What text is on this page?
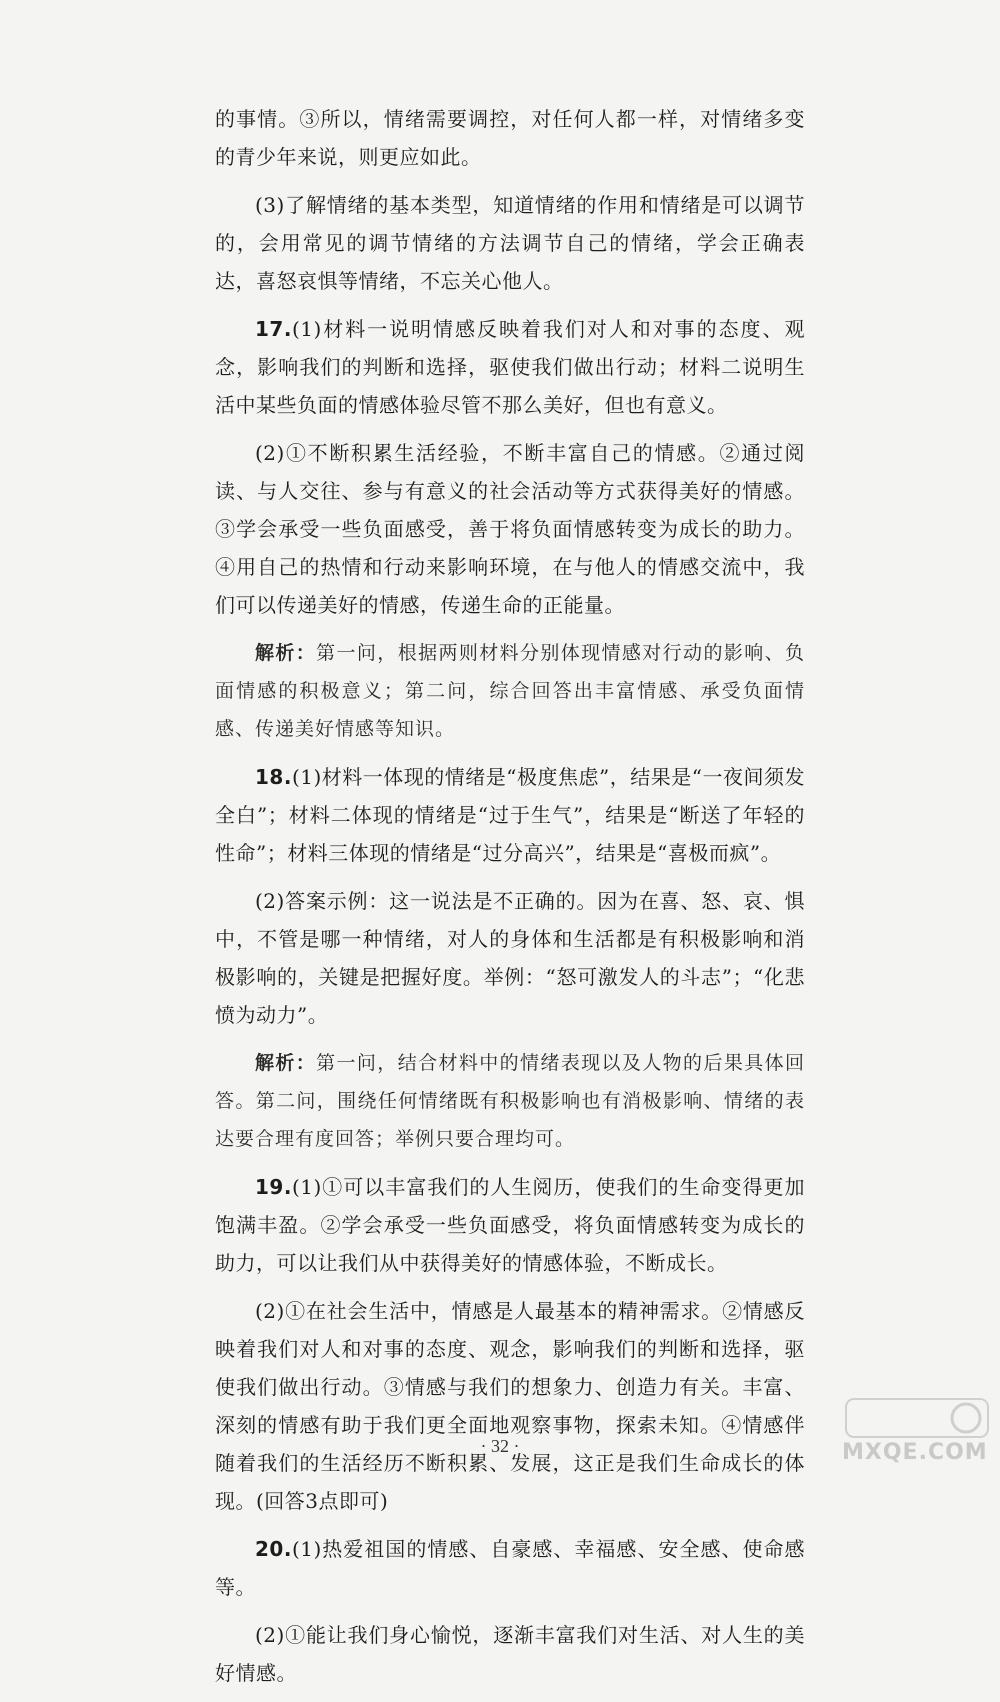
的事情。③所以，情绪需要调控，对任何人都一样，对情绪多变的青少年来说，则更应如此。

(3)了解情绪的基本类型，知道情绪的作用和情绪是可以调节的，会用常见的调节情绪的方法调节自己的情绪，学会正确表达，喜怒哀惧等情绪，不忘关心他人。

17.(1)材料一说明情感反映着我们对人和对事的态度、观念，影响我们的判断和选择，驱使我们做出行动；材料二说明生活中某些负面的情感体验尽管不那么美好，但也有意义。

(2)①不断积累生活经验，不断丰富自己的情感。②通过阅读、与人交往、参与有意义的社会活动等方式获得美好的情感。③学会承受一些负面感受，善于将负面情感转变为成长的助力。④用自己的热情和行动来影响环境，在与他人的情感交流中，我们可以传递美好的情感，传递生命的正能量。

解析：第一问，根据两则材料分别体现情感对行动的影响、负面情感的积极意义；第二问，综合回答出丰富情感、承受负面情感、传递美好情感等知识。

18.(1)材料一体现的情绪是“极度焦虑”，结果是“一夜间须发全白”；材料二体现的情绪是“过于生气”，结果是“断送了年轻的性命”；材料三体现的情绪是“过分高兴”，结果是“喜极而疯”。

(2)答案示例：这一说法是不正确的。因为在喜、怒、哀、惧中，不管是哪一种情绪，对人的身体和生活都是有积极影响和消极影响的，关键是把握好度。举例：“怒可激发人的斗志”；“化悲愤为动力”。

解析：第一问，结合材料中的情绪表现以及人物的后果具体回答。第二问，围绕任何情绪既有积极影响也有消极影响、情绪的表达要合理有度回答；举例只要合理均可。

19.(1)①可以丰富我们的人生阅历，使我们的生命变得更加饱满丰盈。②学会承受一些负面感受，将负面情感转变为成长的助力，可以让我们从中获得美好的情感体验，不断成长。

(2)①在社会生活中，情感是人最基本的精神需求。②情感反映着我们对人和对事的态度、观念，影响我们的判断和选择，驱使我们做出行动。③情感与我们的想象力、创造力有关。丰富、深刻的情感有助于我们更全面地观察事物，探索未知。④情感伴随着我们的生活经历不断积累、发展，这正是我们生命成长的体现。(回答3点即可)

20.(1)热爱祖国的情感、自豪感、幸福感、安全感、使命感等。

(2)①能让我们身心愉悦，逐渐丰富我们对生活、对人生的美好情感。

· 32 ·	MXQE.COM
